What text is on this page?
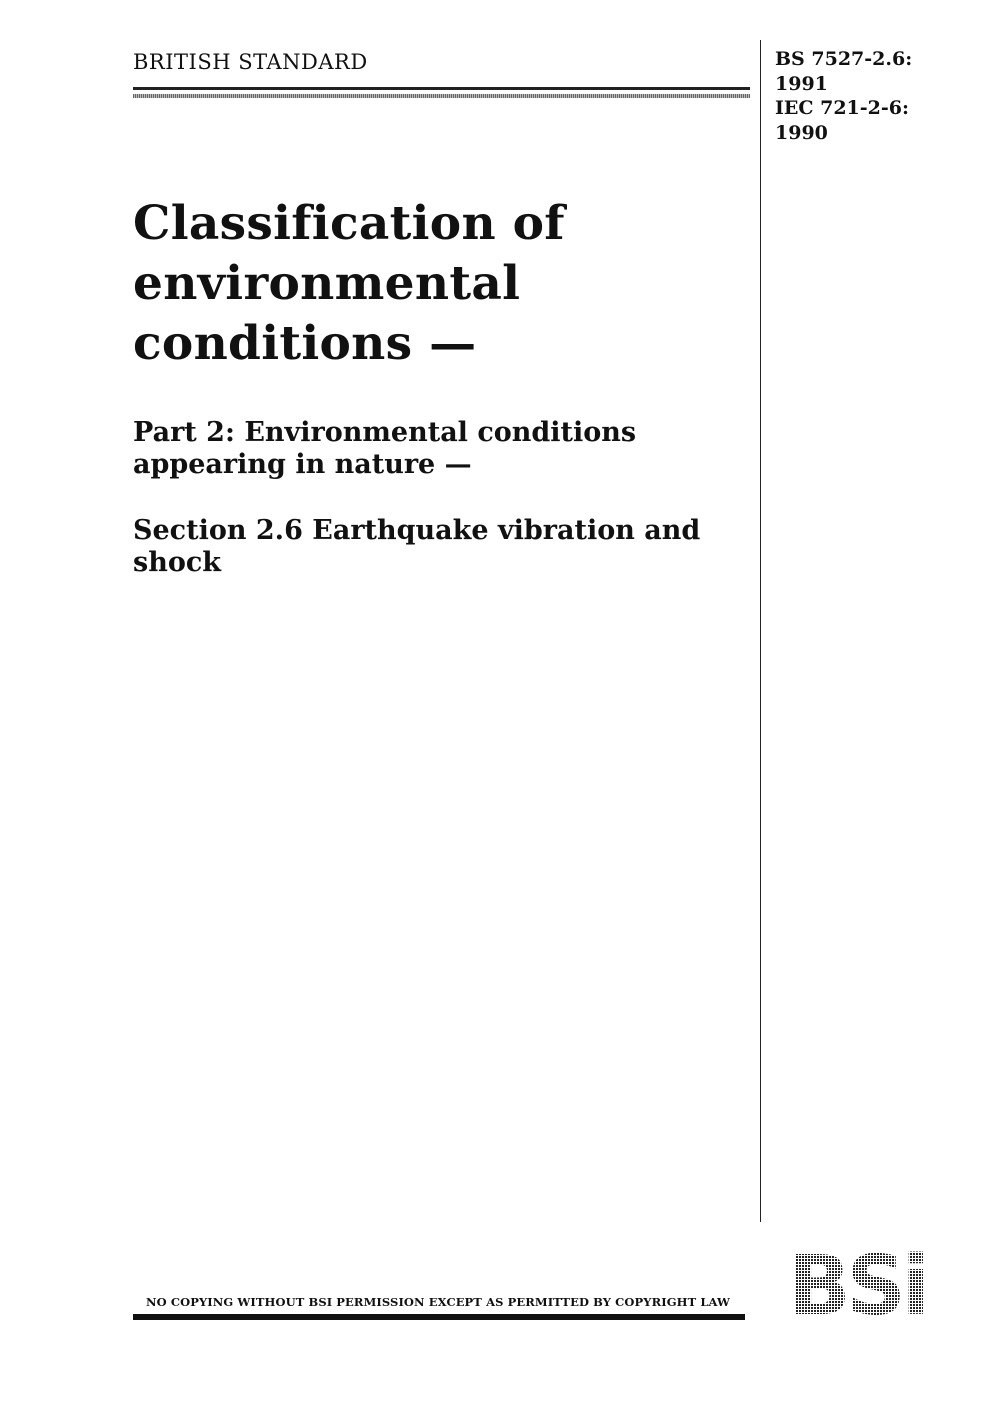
BRITISH STANDARD	BS 7527-2.6:
1991
IEC 721-2-6:
1990
Classification of
environmental
conditions —
Part 2: Environmental conditions
appearing in nature —
Section 2.6 Earthquake vibration and
shock
NO COPYING WITHOUT BSI PERMISSION EXCEPT AS PERMITTED BY COPYRIGHT LAW BSi
